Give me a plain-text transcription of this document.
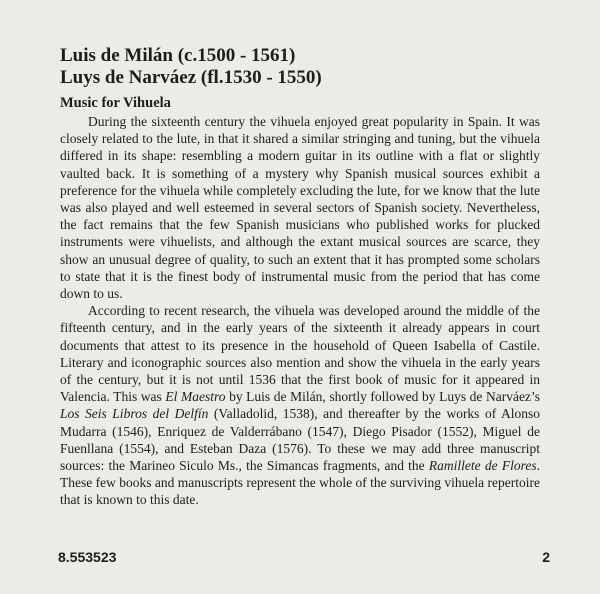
Luis de Milán (c.1500 - 1561)
Luys de Narváez (fl.1530 - 1550)
Music for Vihuela

During the sixteenth century the vihuela enjoyed great popularity in Spain. It was closely related to the lute, in that it shared a similar stringing and tuning, but the vihuela differed in its shape: resembling a modern guitar in its outline with a flat or slightly vaulted back. It is something of a mystery why Spanish musical sources exhibit a preference for the vihuela while completely excluding the lute, for we know that the lute was also played and well esteemed in several sectors of Spanish society. Nevertheless, the fact remains that the few Spanish musicians who published works for plucked instruments were vihuelists, and although the extant musical sources are scarce, they show an unusual degree of quality, to such an extent that it has prompted some scholars to state that it is the finest body of instrumental music from the period that has come down to us.

According to recent research, the vihuela was developed around the middle of the fifteenth century, and in the early years of the sixteenth it already appears in court documents that attest to its presence in the household of Queen Isabella of Castile. Literary and iconographic sources also mention and show the vihuela in the early years of the century, but it is not until 1536 that the first book of music for it appeared in Valencia. This was El Maestro by Luis de Milán, shortly followed by Luys de Narváez’s Los Seis Libros del Delfín (Valladolid, 1538), and thereafter by the works of Alonso Mudarra (1546), Enriquez de Valderrábano (1547), Diego Pisador (1552), Miguel de Fuenllana (1554), and Esteban Daza (1576). To these we may add three manuscript sources: the Marineo Siculo Ms., the Simancas fragments, and the Ramillete de Flores. These few books and manuscripts represent the whole of the surviving vihuela repertoire that is known to this date.

8.553523	2
